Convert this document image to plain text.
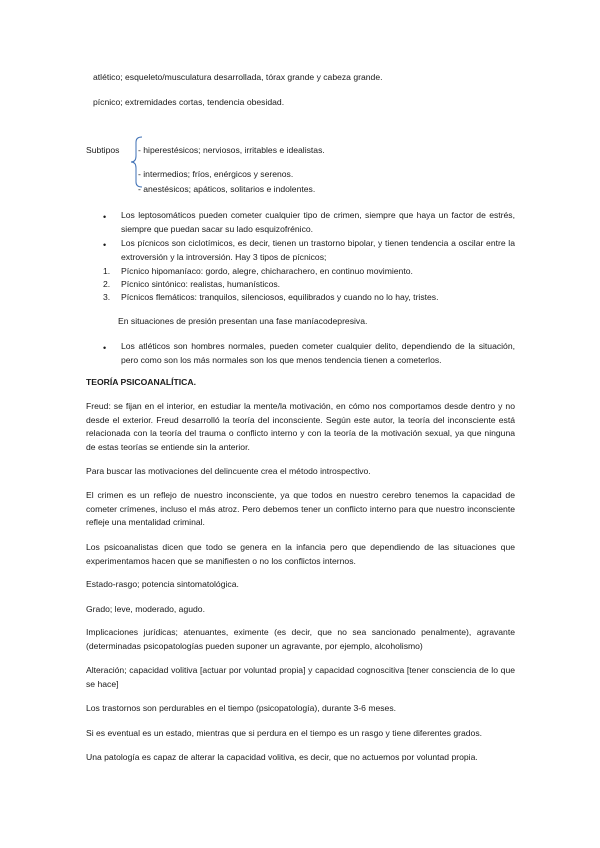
atlético; esqueleto/musculatura desarrollada, tórax grande y cabeza grande.
pícnico; extremidades cortas, tendencia obesidad.
Subtipos - hiperestésicos; nerviosos, irritables e idealistas.
- intermedios; fríos, enérgicos y serenos.
- anestésicos; apáticos, solitarios e indolentes.
• Los leptosomáticos pueden cometer cualquier tipo de crimen, siempre que haya un factor de estrés, siempre que puedan sacar su lado esquizofrénico.
• Los pícnicos son ciclotímicos, es decir, tienen un trastorno bipolar, y tienen tendencia a oscilar entre la extroversión y la introversión. Hay 3 tipos de pícnicos;
1. Pícnico hipomaníaco: gordo, alegre, chicharachero, en continuo movimiento.
2. Pícnico sintónico: realistas, humanísticos.
3. Pícnicos flemáticos: tranquilos, silenciosos, equilibrados y cuando no lo hay, tristes.
En situaciones de presión presentan una fase maníacodepresiva.
• Los atléticos son hombres normales, pueden cometer cualquier delito, dependiendo de la situación, pero como son los más normales son los que menos tendencia tienen a cometerlos.
TEORÍA PSICOANALÍTICA.
Freud: se fijan en el interior, en estudiar la mente/la motivación, en cómo nos comportamos desde dentro y no desde el exterior. Freud desarrolló la teoría del inconsciente. Según este autor, la teoría del inconsciente está relacionada con la teoría del trauma o conflicto interno y con la teoría de la motivación sexual, ya que ninguna de estas teorías se entiende sin la anterior.
Para buscar las motivaciones del delincuente crea el método introspectivo.
El crimen es un reflejo de nuestro inconsciente, ya que todos en nuestro cerebro tenemos la capacidad de cometer crímenes, incluso el más atroz. Pero debemos tener un conflicto interno para que nuestro inconsciente refleje una mentalidad criminal.
Los psicoanalistas dicen que todo se genera en la infancia pero que dependiendo de las situaciones que experimentamos hacen que se manifiesten o no los conflictos internos.
Estado-rasgo; potencia sintomatológica.
Grado; leve, moderado, agudo.
Implicaciones jurídicas; atenuantes, eximente (es decir, que no sea sancionado penalmente), agravante (determinadas psicopatologías pueden suponer un agravante, por ejemplo, alcoholismo)
Alteración; capacidad volitiva [actuar por voluntad propia] y capacidad cognoscitiva [tener consciencia de lo que se hace]
Los trastornos son perdurables en el tiempo (psicopatología), durante 3-6 meses.
Si es eventual es un estado, mientras que si perdura en el tiempo es un rasgo y tiene diferentes grados.
Una patología es capaz de alterar la capacidad volitiva, es decir, que no actuemos por voluntad propia.
